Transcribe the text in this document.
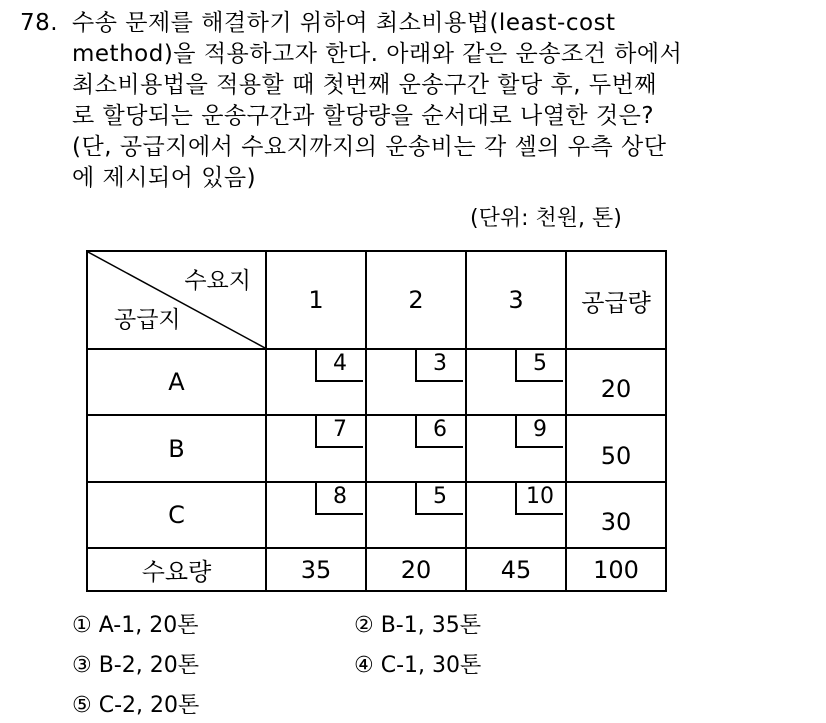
78. 수송 문제를 해결하기 위하여 최소비용법(least-cost
method)을 적용하고자 한다. 아래와 같은 운송조건 하에서
최소비용법을 적용할 때 첫번째 운송구간 할당 후, 두번째
로 할당되는 운송구간과 할당량을 순서대로 나열한 것은?
(단, 공급지에서 수요지까지의 운송비는 각 셀의 우측 상단
에 제시되어 있음)
(단위: 천원, 톤)
수요지
공급지	1	2	3	공급량
A	4	3	5	20

B	7	6	9	50

C	8	5	10	30

수요량	35	20	45	100
① A-1, 20톤	② B-1, 35톤
③ B-2, 20톤	④ C-1, 30톤
⑤ C-2, 20톤
